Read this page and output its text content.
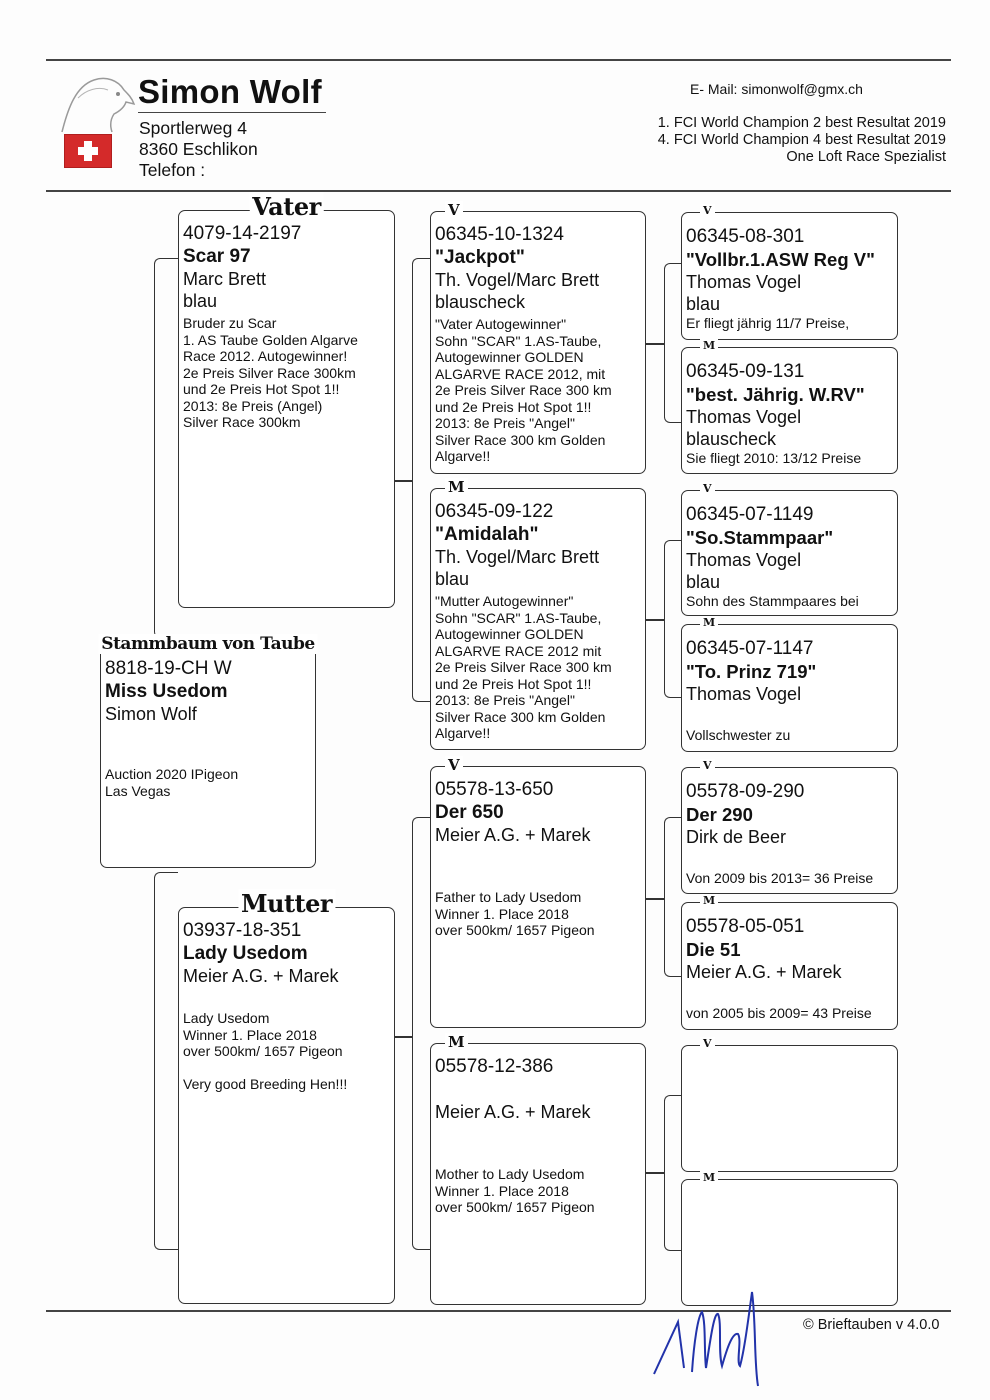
Simon Wolf
Sportlerweg 4
8360 Eschlikon
Telefon :
E- Mail: simonwolf@gmx.ch
1. FCI World Champion 2 best Resultat 2019
4. FCI World Champion 4 best Resultat 2019
One Loft Race Spezialist
Stammbaum von Taube
8818-19-CH W
Miss Usedom
Simon Wolf
Auction 2020 IPigeon
Las Vegas
Vater
4079-14-2197
Scar 97
Marc Brett
blau
Bruder zu Scar
1. AS Taube Golden Algarve
Race 2012. Autogewinner!
2e Preis Silver Race 300km
und 2e Preis Hot Spot 1!!
2013: 8e Preis (Angel)
Silver Race 300km
Mutter
03937-18-351
Lady Usedom
Meier A.G. + Marek
Lady Usedom
Winner 1. Place 2018
over 500km/ 1657 Pigeon

Very good Breeding Hen!!!
V
06345-10-1324
"Jackpot"
Th. Vogel/Marc Brett
blauscheck
"Vater Autogewinner"
Sohn "SCAR" 1.AS-Taube,
Autogewinner GOLDEN
ALGARVE RACE 2012, mit
2e Preis Silver Race 300 km
und 2e Preis Hot Spot 1!!
2013: 8e Preis "Angel"
Silver Race 300 km Golden
Algarve!!
M
06345-09-122
"Amidalah"
Th. Vogel/Marc Brett
blau
"Mutter Autogewinner"
Sohn "SCAR" 1.AS-Taube,
Autogewinner GOLDEN
ALGARVE RACE 2012 mit
2e Preis Silver Race 300 km
und 2e Preis Hot Spot 1!!
2013: 8e Preis "Angel"
Silver Race 300 km Golden
Algarve!!
V
05578-13-650
Der 650
Meier A.G. + Marek
Father to Lady Usedom
Winner 1. Place 2018
over 500km/ 1657 Pigeon
M
05578-12-386
Meier A.G. + Marek
Mother to Lady Usedom
Winner 1. Place 2018
over 500km/ 1657 Pigeon
V
06345-08-301
"Vollbr.1.ASW Reg V"
Thomas Vogel
blau
Er fliegt jährig 11/7 Preise,
M
06345-09-131
"best. Jährig. W.RV"
Thomas Vogel
blauscheck
Sie fliegt 2010: 13/12 Preise
V
06345-07-1149
"So.Stammpaar"
Thomas Vogel
blau
Sohn des Stammpaares bei
M
06345-07-1147
"To. Prinz 719"
Thomas Vogel
Vollschwester zu
V
05578-09-290
Der 290
Dirk de Beer
Von 2009 bis 2013= 36 Preise
M
05578-05-051
Die 51
Meier A.G. + Marek
von 2005 bis 2009= 43 Preise
V
M
© Brieftauben v 4.0.0
